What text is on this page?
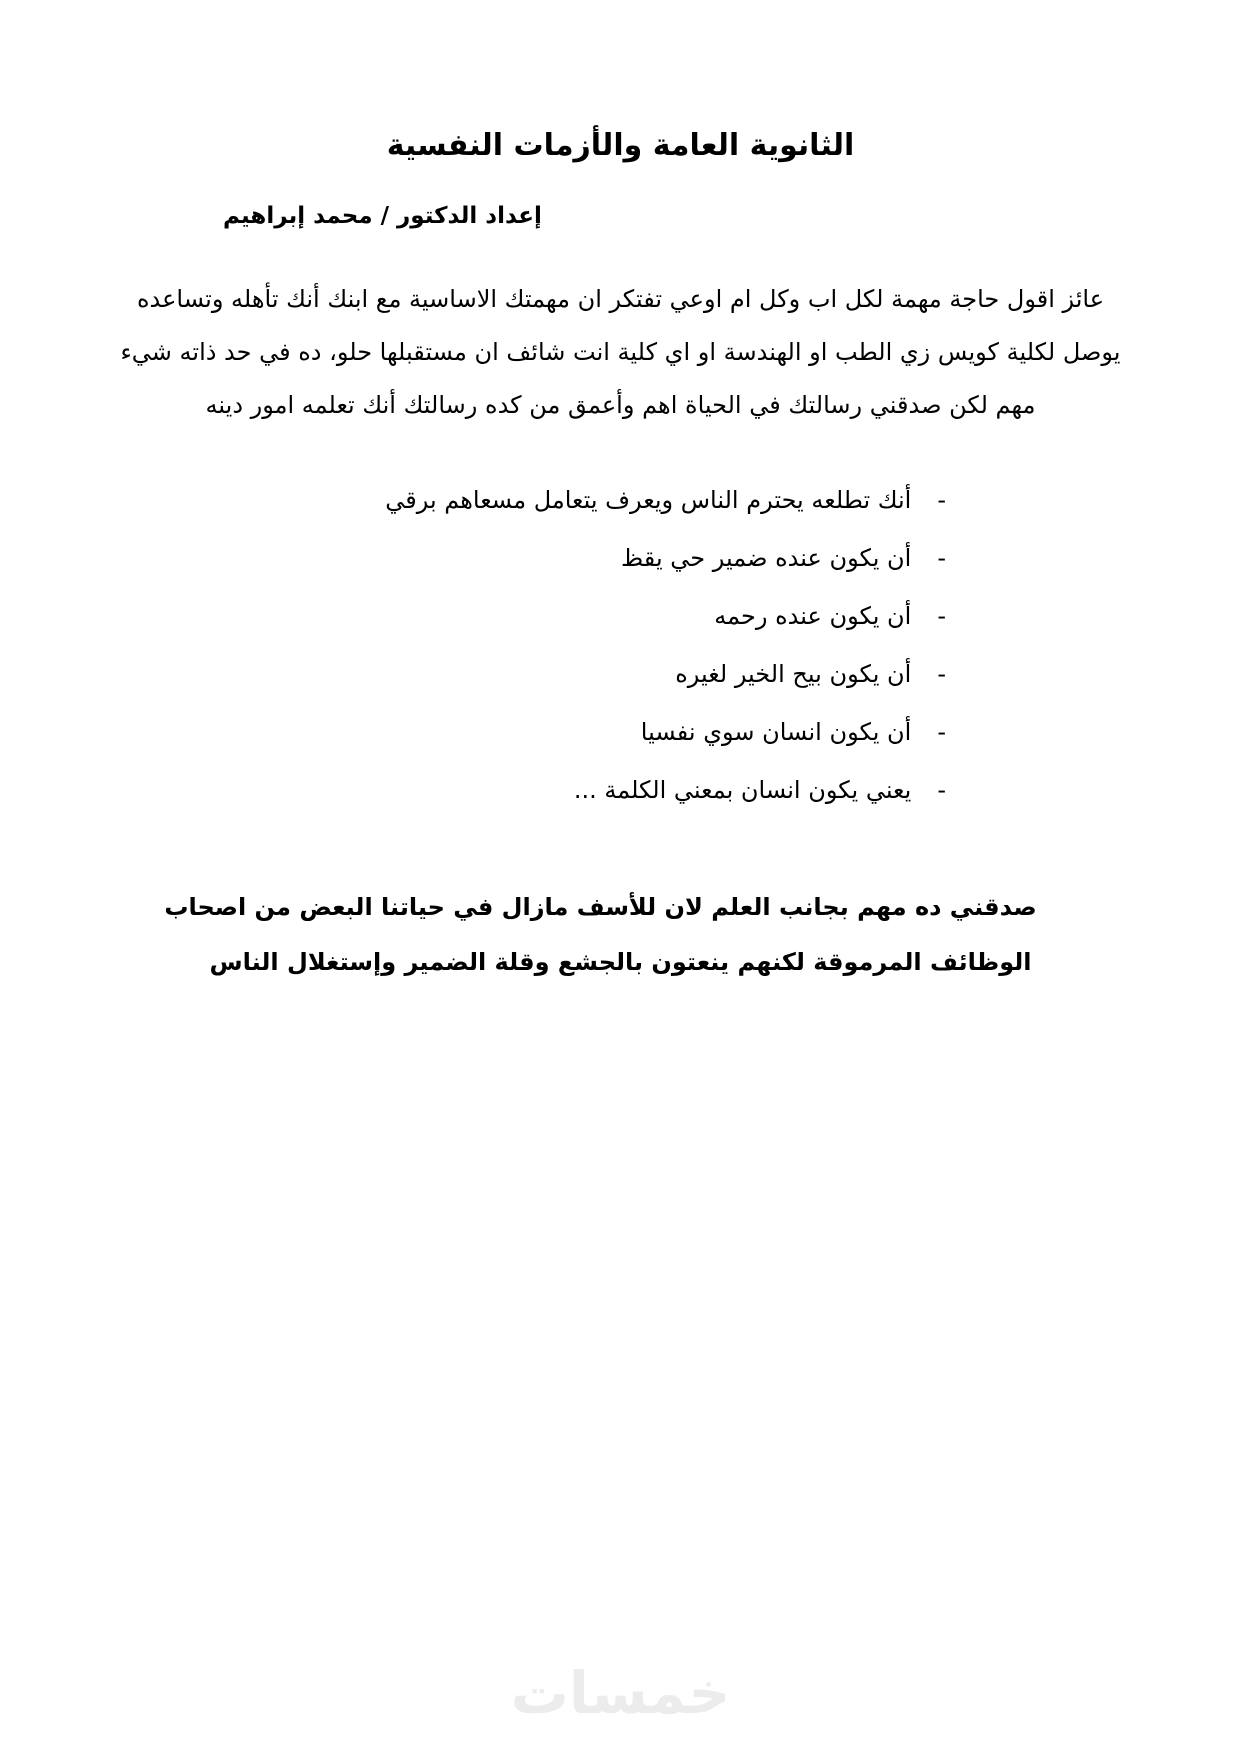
الثانوية العامة والأزمات النفسية
إعداد الدكتور / محمد إبراهيم

عائز اقول حاجة مهمة لكل اب وكل ام اوعي تفتكر ان مهمتك الاساسية مع ابنك أنك تأهله وتساعده يوصل لكلية كويس زي الطب او الهندسة او اي كلية انت شائف ان مستقبلها حلو، ده في حد ذاته شيء مهم لكن صدقني رسالتك في الحياة اهم وأعمق من كده رسالتك أنك تعلمه امور دينه

-
أنك تطلعه يحترم الناس ويعرف يتعامل مسعاهم برقي
-
أن يكون عنده ضمير حي يقظ
-
أن يكون عنده رحمه
-
أن يكون بيح الخير لغيره
-
أن يكون انسان سوي نفسيا
-
يعني يكون انسان بمعني الكلمة ...

صدقني ده مهم بجانب العلم لان للأسف مازال في حياتنا البعض من اصحاب الوظائف المرموقة لكنهم ينعتون بالجشع وقلة الضمير وإستغلال الناس

خمسات
